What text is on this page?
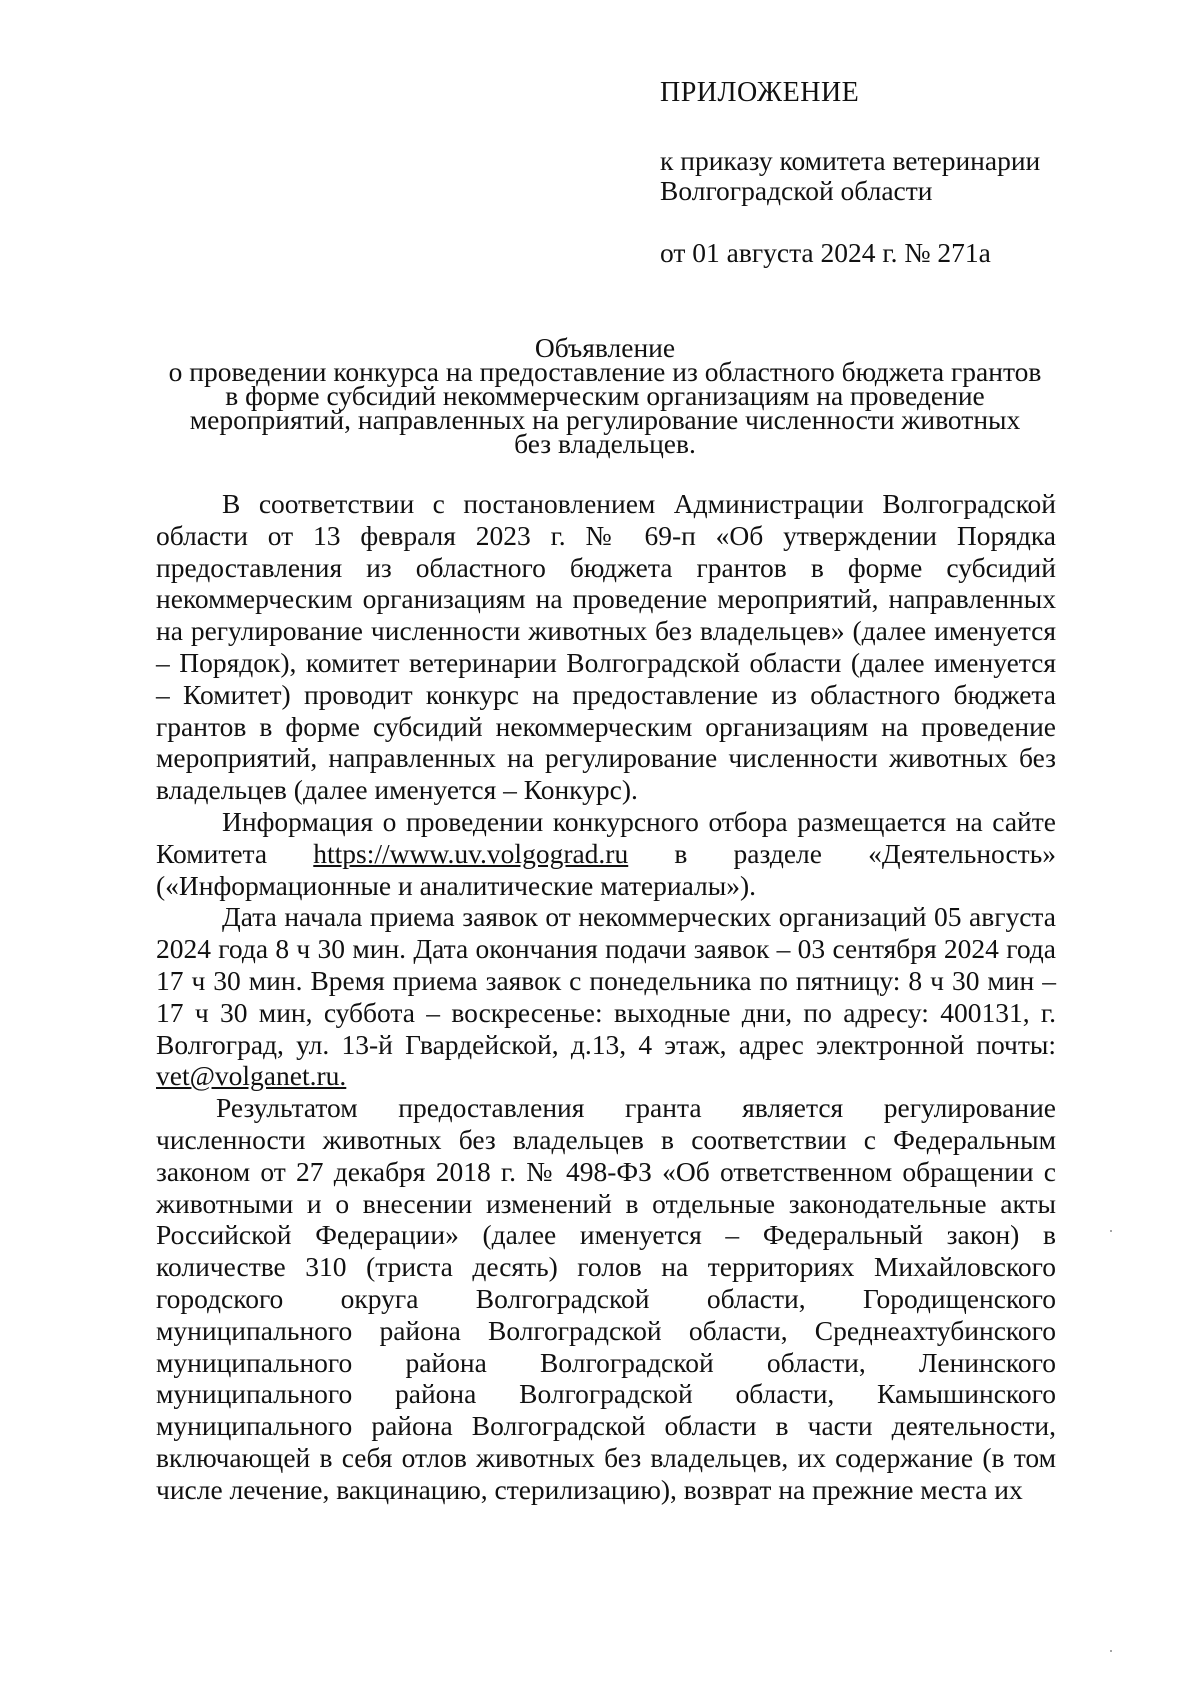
ПРИЛОЖЕНИЕ
к приказу комитета ветеринарии
Волгоградской области
от 01 августа 2024 г. № 271а
Объявление
о проведении конкурса на предоставление из областного бюджета грантов
в форме субсидий некоммерческим организациям на проведение
мероприятий, направленных на регулирование численности животных
без владельцев.

В соответствии с постановлением Администрации Волгоградской области от 13 февраля 2023 г. № 69-п «Об утверждении Порядка предоставления из областного бюджета грантов в форме субсидий некоммерческим организациям на проведение мероприятий, направленных на регулирование численности животных без владельцев» (далее именуется – Порядок), комитет ветеринарии Волгоградской области (далее именуется – Комитет) проводит конкурс на предоставление из областного бюджета грантов в форме субсидий некоммерческим организациям на проведение мероприятий, направленных на регулирование численности животных без владельцев (далее именуется – Конкурс).

Информация о проведении конкурсного отбора размещается на сайте Комитета https://www.uv.volgograd.ru в разделе «Деятельность» («Информационные и аналитические материалы»).

Дата начала приема заявок от некоммерческих организаций 05 августа 2024 года 8 ч 30 мин. Дата окончания подачи заявок – 03 сентября 2024 года 17 ч 30 мин. Время приема заявок с понедельника по пятницу: 8 ч 30 мин – 17 ч 30 мин, суббота – воскресенье: выходные дни, по адресу: 400131, г. Волгоград, ул. 13-й Гвардейской, д.13, 4 этаж, адрес электронной почты: vet@volganet.ru.

Результатом предоставления гранта является регулирование численности животных без владельцев в соответствии с Федеральным законом от 27 декабря 2018 г. № 498-ФЗ «Об ответственном обращении с животными и о внесении изменений в отдельные законодательные акты Российской Федерации» (далее именуется – Федеральный закон) в количестве 310 (триста десять) голов на территориях Михайловского городского округа Волгоградской области, Городищенского муниципального района Волгоградской области, Среднеахтубинского муниципального района Волгоградской области, Ленинского муниципального района Волгоградской области, Камышинского муниципального района Волгоградской области в части деятельности, включающей в себя отлов животных без владельцев, их содержание (в том числе лечение, вакцинацию, стерилизацию), возврат на прежние места их
